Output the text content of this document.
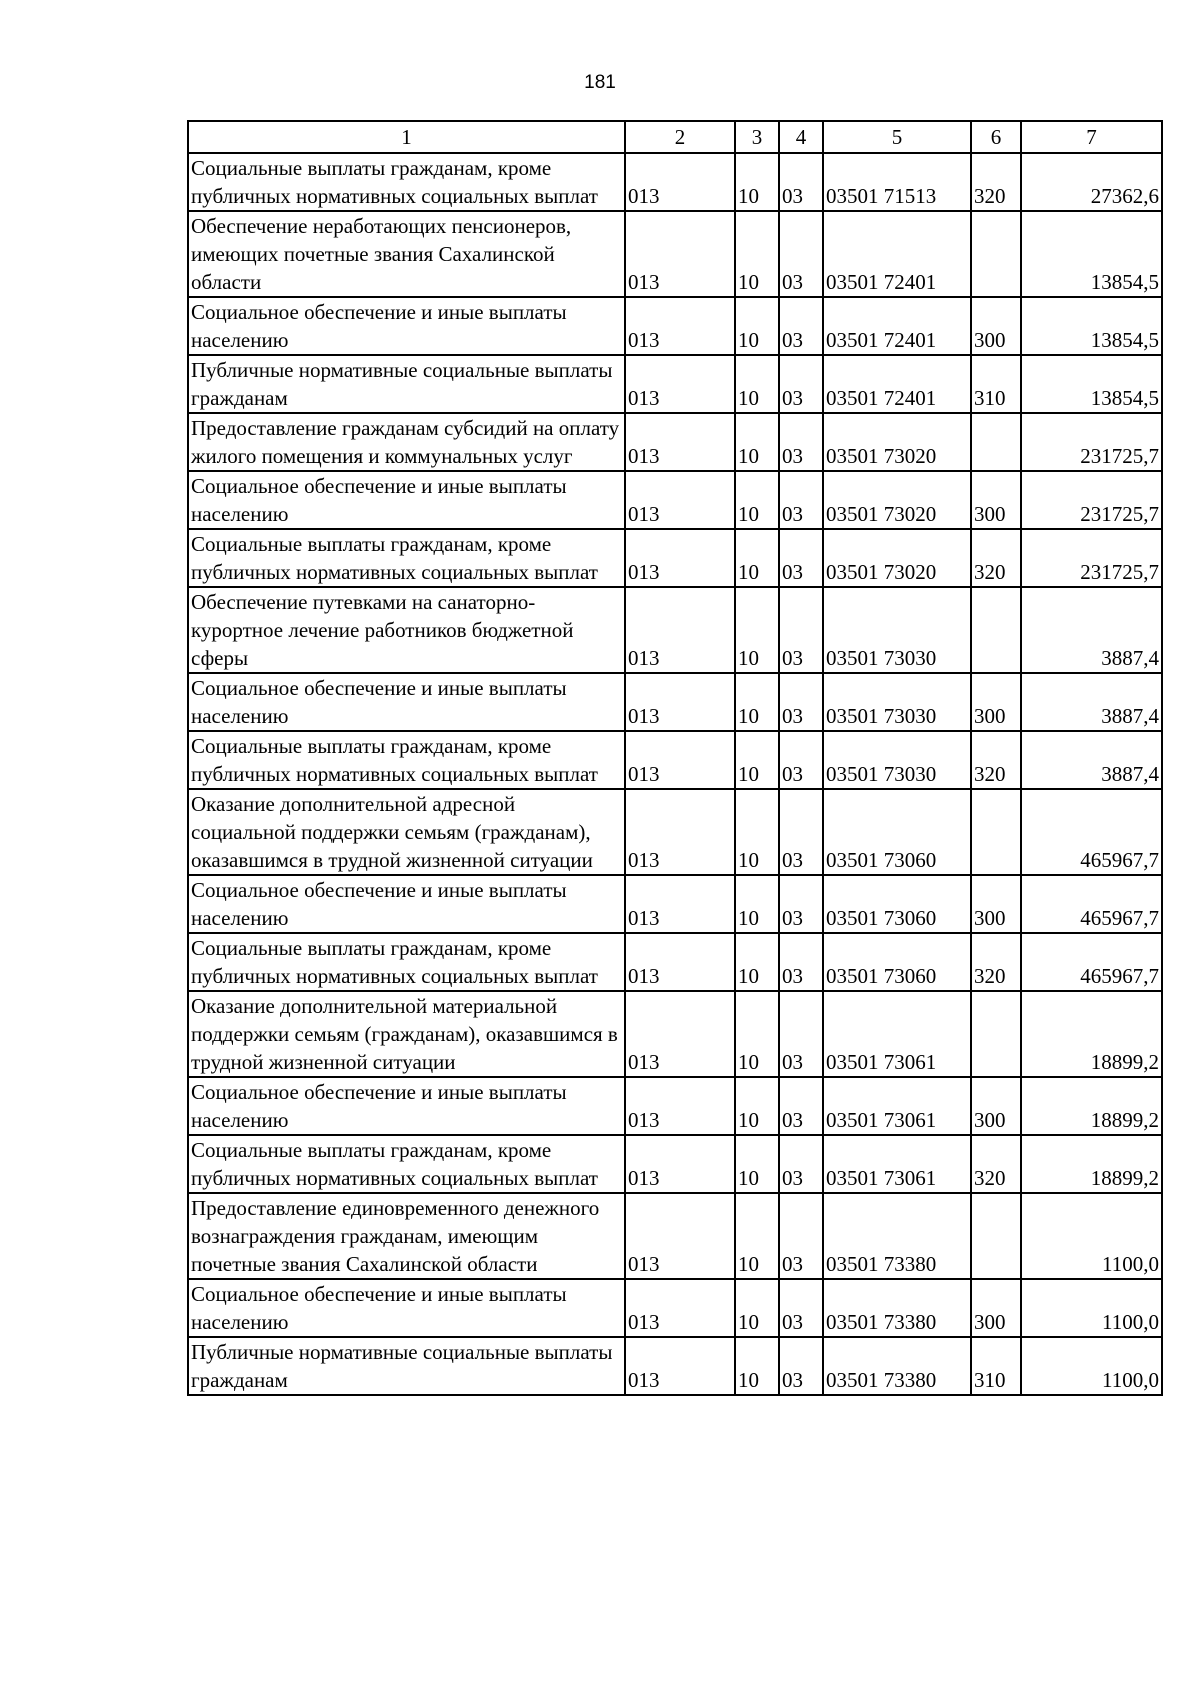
181
1	2	3	4	5	6	7
Социальные выплаты гражданам, кроме публичных нормативных социальных выплат	013	10	03	03501 71513	320	27362,6
Обеспечение неработающих пенсионеров, имеющих почетные звания Сахалинской области	013	10	03	03501 72401		13854,5
Социальное обеспечение и иные выплаты населению	013	10	03	03501 72401	300	13854,5
Публичные нормативные социальные выплаты гражданам	013	10	03	03501 72401	310	13854,5
Предоставление гражданам субсидий на оплату жилого помещения и коммунальных услуг	013	10	03	03501 73020		231725,7
Социальное обеспечение и иные выплаты населению	013	10	03	03501 73020	300	231725,7
Социальные выплаты гражданам, кроме публичных нормативных социальных выплат	013	10	03	03501 73020	320	231725,7
Обеспечение путевками на санаторно-курортное лечение работников бюджетной сферы	013	10	03	03501 73030		3887,4
Социальное обеспечение и иные выплаты населению	013	10	03	03501 73030	300	3887,4
Социальные выплаты гражданам, кроме публичных нормативных социальных выплат	013	10	03	03501 73030	320	3887,4
Оказание дополнительной адресной социальной поддержки семьям (гражданам), оказавшимся в трудной жизненной ситуации	013	10	03	03501 73060		465967,7
Социальное обеспечение и иные выплаты населению	013	10	03	03501 73060	300	465967,7
Социальные выплаты гражданам, кроме публичных нормативных социальных выплат	013	10	03	03501 73060	320	465967,7
Оказание дополнительной материальной поддержки семьям (гражданам), оказавшимся в трудной жизненной ситуации	013	10	03	03501 73061		18899,2
Социальное обеспечение и иные выплаты населению	013	10	03	03501 73061	300	18899,2
Социальные выплаты гражданам, кроме публичных нормативных социальных выплат	013	10	03	03501 73061	320	18899,2
Предоставление единовременного денежного вознаграждения гражданам, имеющим почетные звания Сахалинской области	013	10	03	03501 73380		1100,0
Социальное обеспечение и иные выплаты населению	013	10	03	03501 73380	300	1100,0
Публичные нормативные социальные выплаты гражданам	013	10	03	03501 73380	310	1100,0
